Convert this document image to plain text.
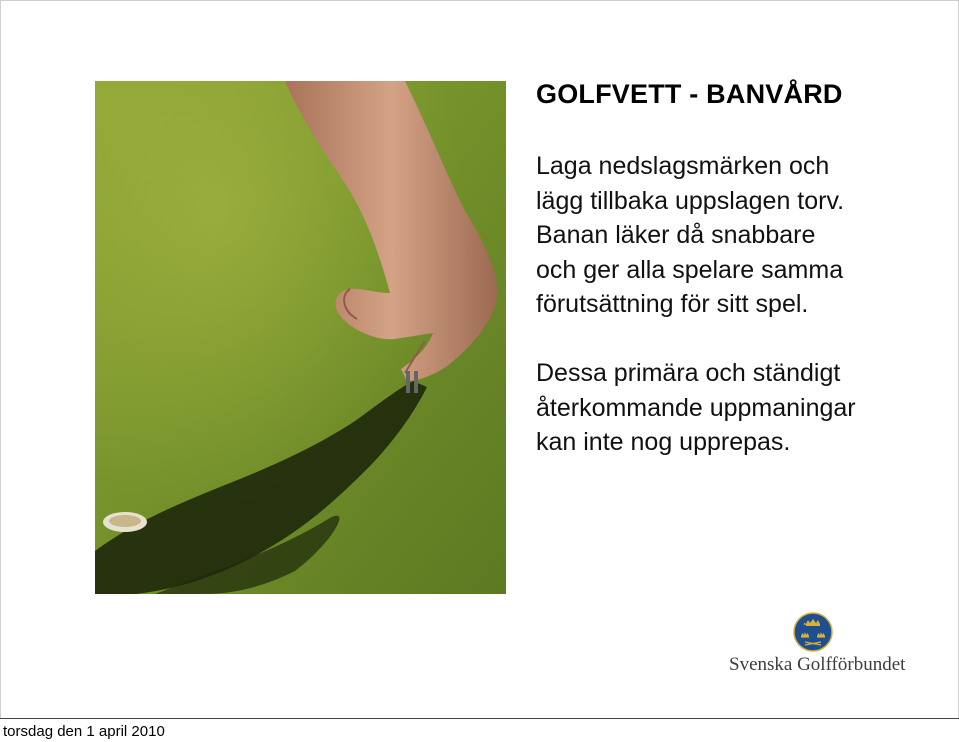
GOLFVETT - BANVÅRD

Laga nedslagsmärken och
lägg tillbaka uppslagen torv.
Banan läker då snabbare
och ger alla spelare samma
förutsättning för sitt spel.

Dessa primära och ständigt
återkommande uppmaningar
kan inte nog upprepas.

Svenska Golfförbundet
torsdag den 1 april 2010
